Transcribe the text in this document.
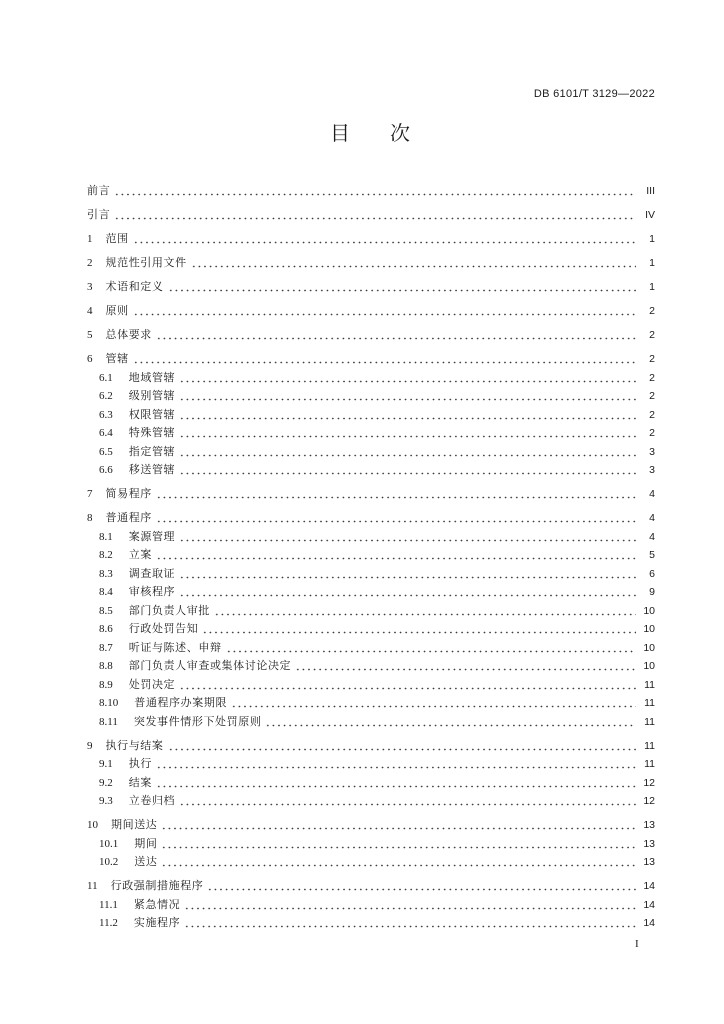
DB 6101/T 3129—2022
目　　次
前言	III
引言	IV
1 范围	1
2 规范性引用文件	1
3 术语和定义	1
4 原则	2
5 总体要求	2
6 管辖	2
6.1 地域管辖	2
6.2 级别管辖	2
6.3 权限管辖	2
6.4 特殊管辖	2
6.5 指定管辖	3
6.6 移送管辖	3
7 简易程序	4
8 普通程序	4
8.1 案源管理	4
8.2 立案	5
8.3 调查取证	6
8.4 审核程序	9
8.5 部门负责人审批	10
8.6 行政处罚告知	10
8.7 听证与陈述、申辩	10
8.8 部门负责人审查或集体讨论决定	10
8.9 处罚决定	11
8.10 普通程序办案期限	11
8.11 突发事件情形下处罚原则	11
9 执行与结案	11
9.1 执行	11
9.2 结案	12
9.3 立卷归档	12
10 期间送达	13
10.1 期间	13
10.2 送达	13
11 行政强制措施程序	14
11.1 紧急情况	14
11.2 实施程序	14
I
